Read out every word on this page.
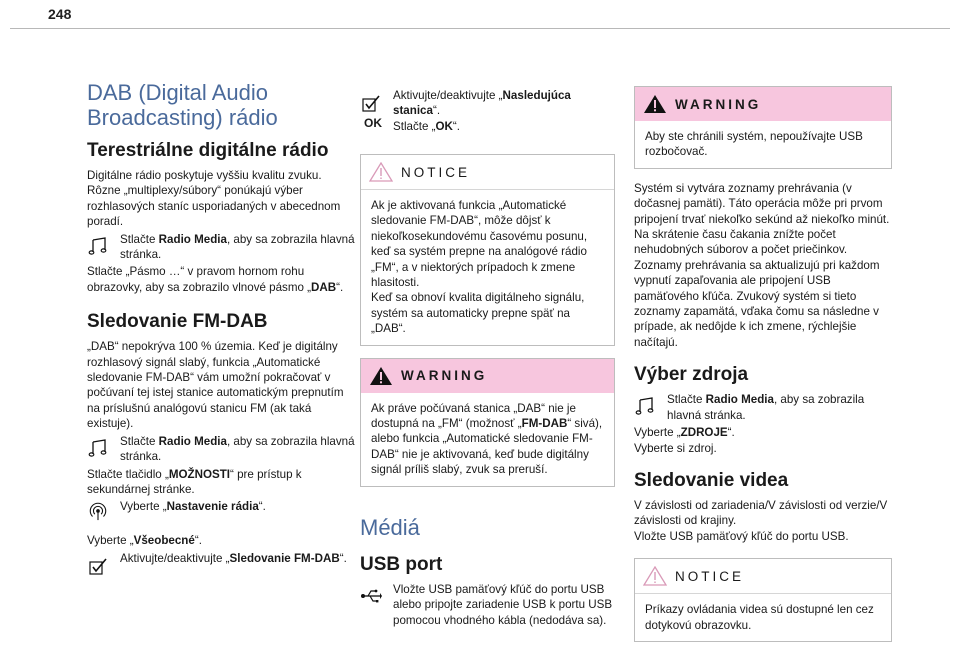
248
DAB (Digital Audio
Broadcasting) rádio
Terestriálne digitálne rádio

Digitálne rádio poskytuje vyššiu kvalitu zvuku. Rôzne „multiplexy/súbory“ ponúkajú výber rozhlasových staníc usporiadaných v abecednom poradí.

Stlačte Radio Media, aby sa zobrazila hlavná stránka.

Stlačte „Pásmo …“ v pravom hornom rohu obrazovky, aby sa zobrazilo vlnové pásmo „DAB“.

Sledovanie FM-DAB

„DAB“ nepokrýva 100 % územia. Keď je digitálny rozhlasový signál slabý, funkcia „Automatické sledovanie FM-DAB“ vám umožní pokračovať v počúvaní tej istej stanice automatickým prepnutím na príslušnú analógovú stanicu FM (ak taká existuje).

Stlačte Radio Media, aby sa zobrazila hlavná stránka.

Stlačte tlačidlo „MOŽNOSTI“ pre prístup k sekundárnej stránke.

Vyberte „Nastavenie rádia“.

Vyberte „Všeobecné“.

Aktivujte/deaktivujte „Sledovanie FM-DAB“.
OK
Aktivujte/deaktivujte „Nasledujúca stanica“.
Stlačte „OK“.
NOTICE
Ak je aktivovaná funkcia „Automatické sledovanie FM-DAB“, môže dôjsť k niekoľkosekundovému časovému posunu, keď sa systém prepne na analógové rádio „FM“, a v niektorých prípadoch k zmene hlasitosti.
Keď sa obnoví kvalita digitálneho signálu, systém sa automaticky prepne späť na „DAB“.
WARNING
Ak práve počúvaná stanica „DAB“ nie je dostupná na „FM“ (možnosť „FM-DAB“ sivá), alebo funkcia „Automatické sledovanie FM-DAB“ nie je aktivovaná, keď bude digitálny signál príliš slabý, zvuk sa preruší.
Médiá
USB port
Vložte USB pamäťový kľúč do portu USB alebo pripojte zariadenie USB k portu USB pomocou vhodného kábla (nedodáva sa).
WARNING
Aby ste chránili systém, nepoužívajte USB rozbočovač.

Systém si vytvára zoznamy prehrávania (v dočasnej pamäti). Táto operácia môže pri prvom pripojení trvať niekoľko sekúnd až niekoľko minút.

Na skrátenie času čakania znížte počet nehudobných súborov a počet priečinkov.

Zoznamy prehrávania sa aktualizujú pri každom vypnutí zapaľovania ale pripojení USB pamäťového kľúča. Zvukový systém si tieto zoznamy zapamätá, vďaka čomu sa následne v prípade, ak nedôjde k ich zmene, rýchlejšie načítajú.

Výber zdroja
Stlačte Radio Media, aby sa zobrazila hlavná stránka.

Vyberte „ZDROJE“.

Vyberte si zdroj.

Sledovanie videa

V závislosti od zariadenia/V závislosti od verzie/V závislosti od krajiny.

Vložte USB pamäťový kľúč do portu USB.

NOTICE
Príkazy ovládania videa sú dostupné len cez dotykovú obrazovku.
